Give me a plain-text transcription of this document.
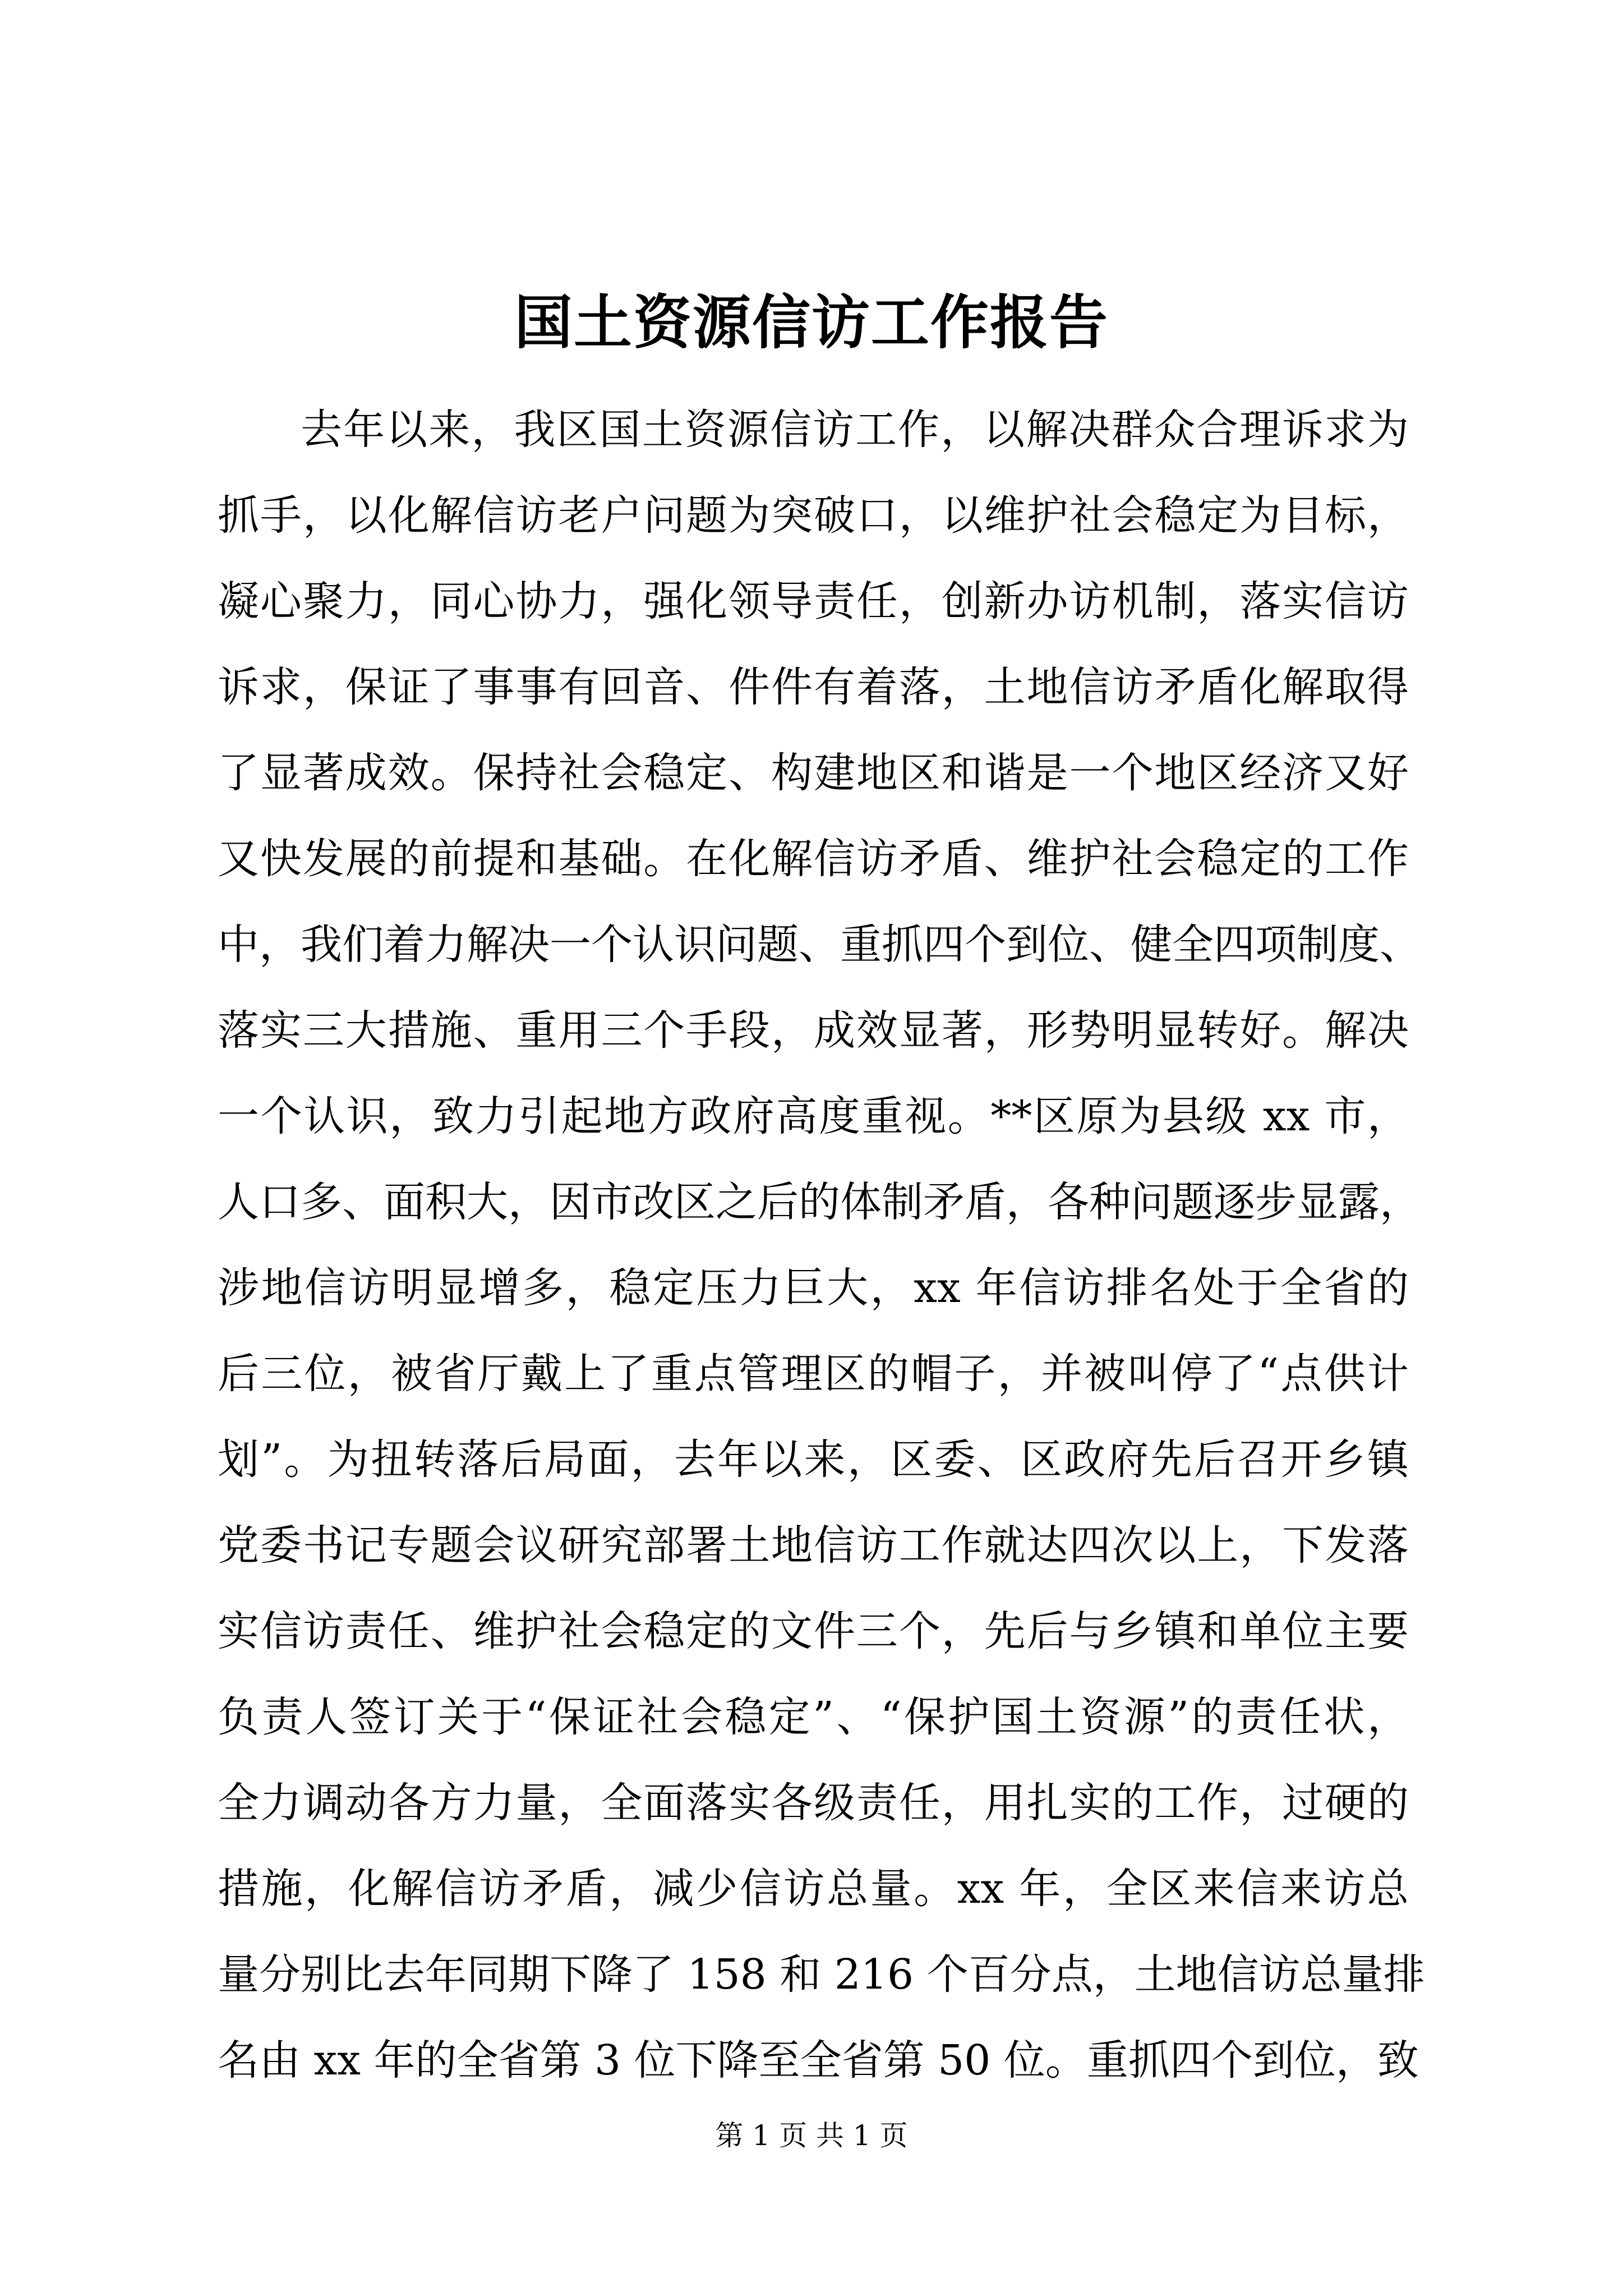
国土资源信访工作报告
去年以来，我区国土资源信访工作，以解决群众合理诉求为
抓手，以化解信访老户问题为突破口，以维护社会稳定为目标，
凝心聚力，同心协力，强化领导责任，创新办访机制，落实信访
诉求，保证了事事有回音、件件有着落，土地信访矛盾化解取得
了显著成效。保持社会稳定、构建地区和谐是一个地区经济又好
又快发展的前提和基础。在化解信访矛盾、维护社会稳定的工作
中，我们着力解决一个认识问题、重抓四个到位、健全四项制度、
落实三大措施、重用三个手段，成效显著，形势明显转好。解决
一个认识，致力引起地方政府高度重视。**区原为县级 xx 市，
人口多、面积大，因市改区之后的体制矛盾，各种问题逐步显露，
涉地信访明显增多，稳定压力巨大，xx 年信访排名处于全省的
后三位，被省厅戴上了重点管理区的帽子，并被叫停了“点供计
划”。为扭转落后局面，去年以来，区委、区政府先后召开乡镇
党委书记专题会议研究部署土地信访工作就达四次以上，下发落
实信访责任、维护社会稳定的文件三个，先后与乡镇和单位主要
负责人签订关于“保证社会稳定”、“保护国土资源”的责任状，
全力调动各方力量，全面落实各级责任，用扎实的工作，过硬的
措施，化解信访矛盾，减少信访总量。xx 年，全区来信来访总
量分别比去年同期下降了 158 和 216 个百分点，土地信访总量排
名由 xx 年的全省第 3 位下降至全省第 50 位。重抓四个到位，致
第 1 页 共 1 页
